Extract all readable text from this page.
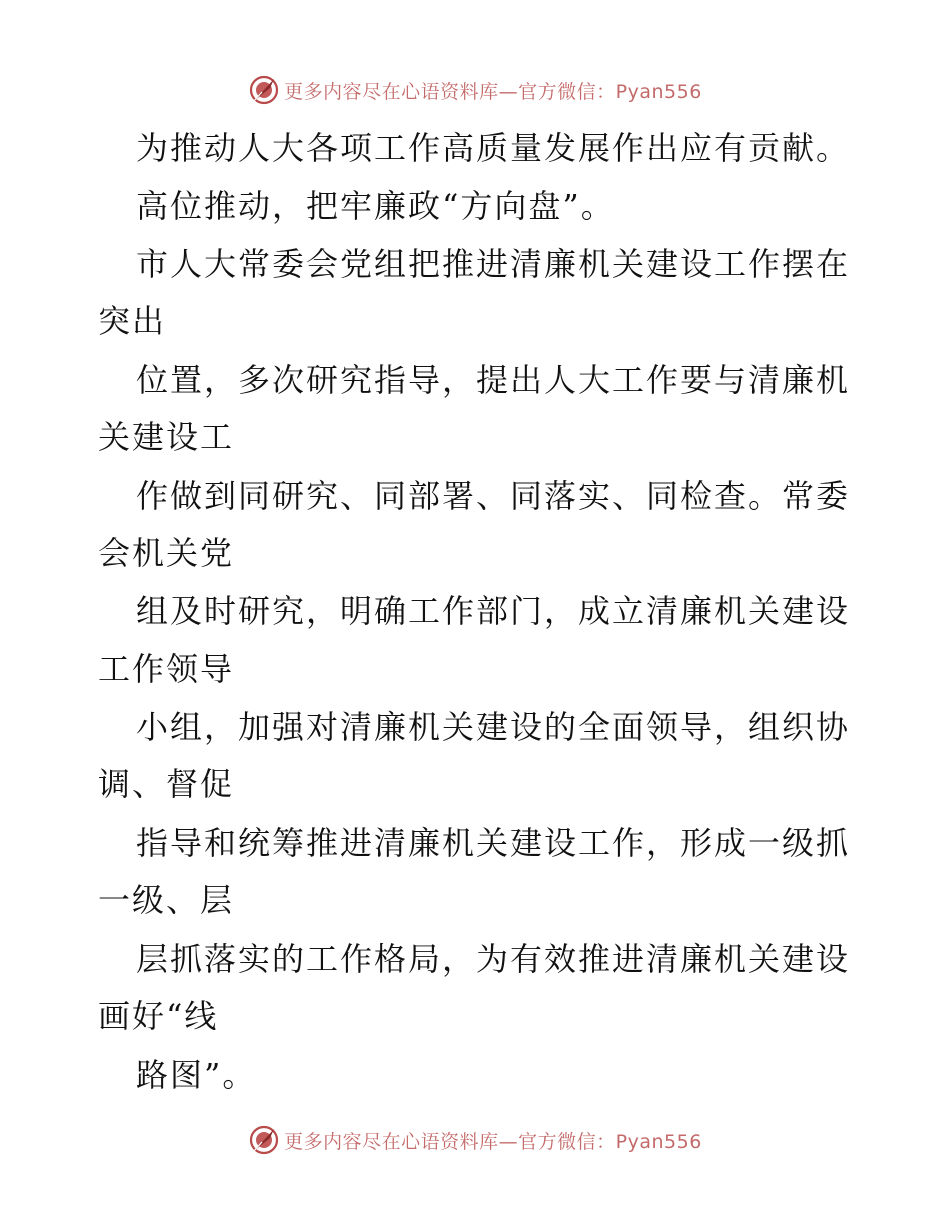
更多内容尽在心语资料库—官方微信：Pyan556
为推动人大各项工作高质量发展作出应有贡献。
高位推动，把牢廉政“方向盘”。
市人大常委会党组把推进清廉机关建设工作摆在
突出
位置，多次研究指导，提出人大工作要与清廉机
关建设工
作做到同研究、同部署、同落实、同检查。常委
会机关党
组及时研究，明确工作部门，成立清廉机关建设
工作领导
小组，加强对清廉机关建设的全面领导，组织协
调、督促
指导和统筹推进清廉机关建设工作，形成一级抓
一级、层
层抓落实的工作格局，为有效推进清廉机关建设
画好“线
路图”。
更多内容尽在心语资料库—官方微信：Pyan556
